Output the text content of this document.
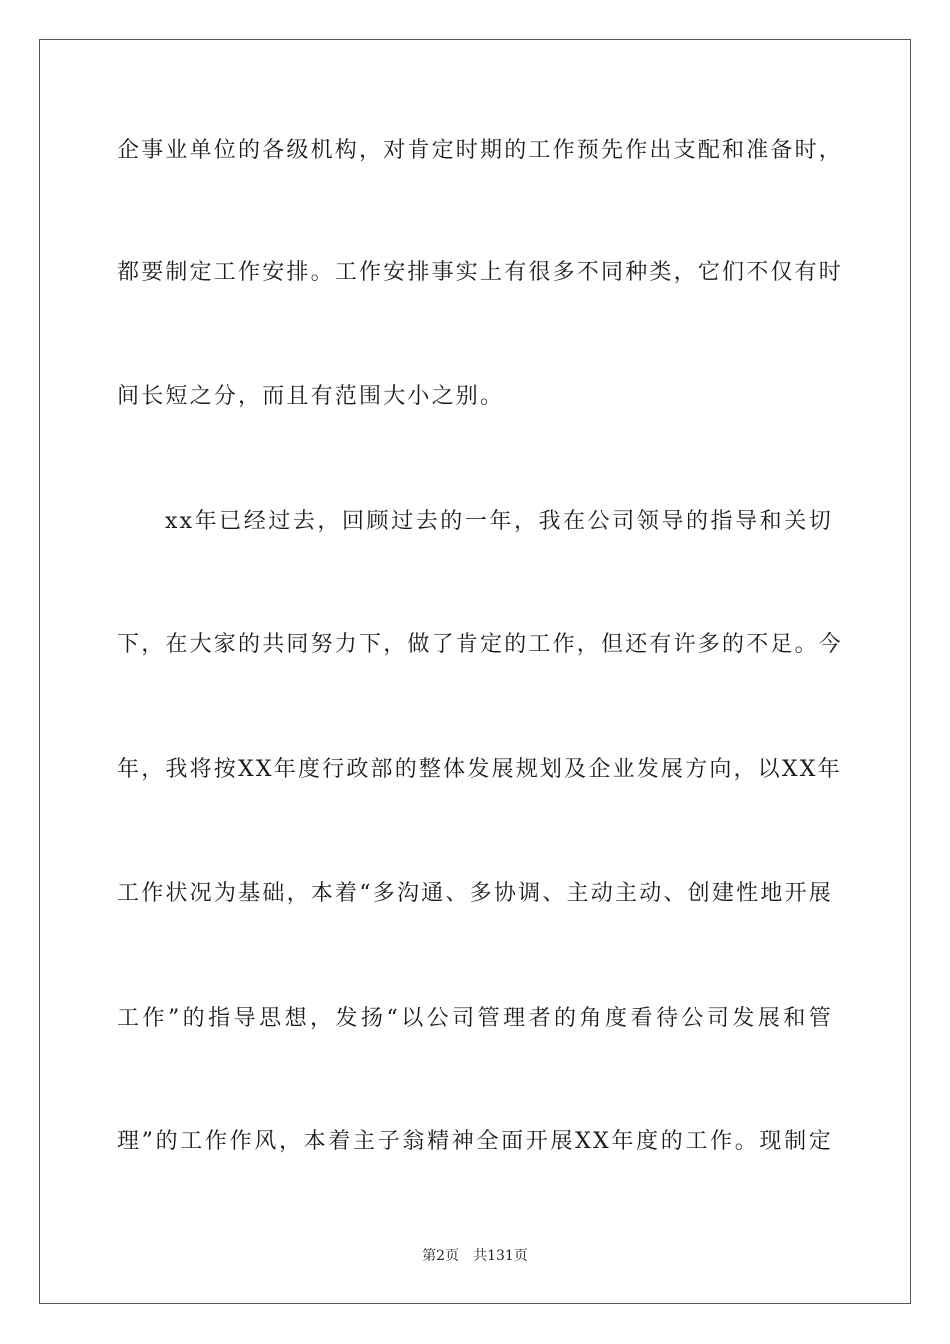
企事业单位的各级机构，对肯定时期的工作预先作出支配和准备时，
都要制定工作安排。工作安排事实上有很多不同种类，它们不仅有时
间长短之分，而且有范围大小之别。
xx年已经过去，回顾过去的一年，我在公司领导的指导和关切
下，在大家的共同努力下，做了肯定的工作，但还有许多的不足。今
年，我将按XX年度行政部的整体发展规划及企业发展方向，以XX年
工作状况为基础，本着“多沟通、多协调、主动主动、创建性地开展
工作”的指导思想，发扬“以公司管理者的角度看待公司发展和管
理”的工作作风，本着主子翁精神全面开展XX年度的工作。现制定
第2页 共131页
